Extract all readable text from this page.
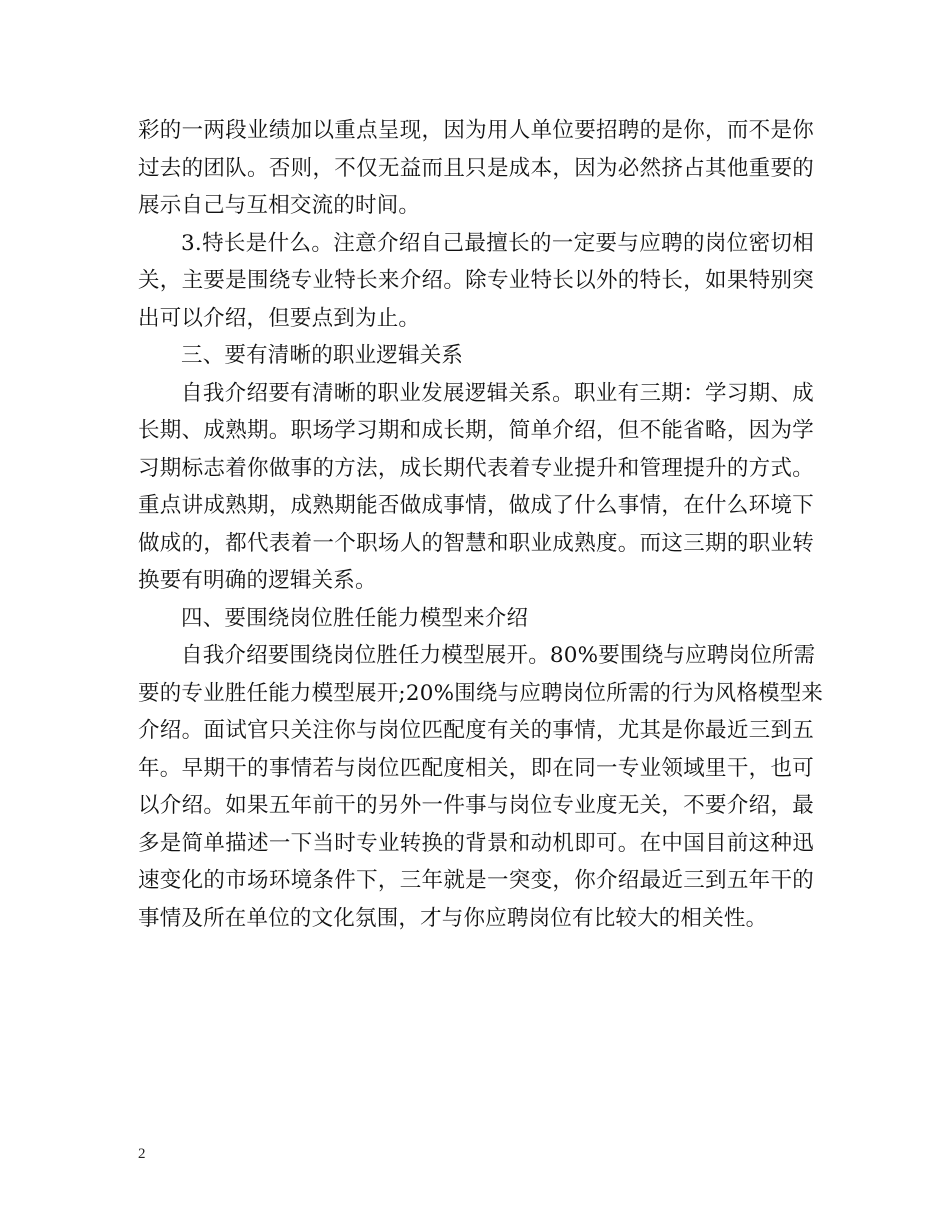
彩的一两段业绩加以重点呈现，因为用人单位要招聘的是你，而不是你
过去的团队。否则，不仅无益而且只是成本，因为必然挤占其他重要的
展示自己与互相交流的时间。
3.特长是什么。注意介绍自己最擅长的一定要与应聘的岗位密切相
关，主要是围绕专业特长来介绍。除专业特长以外的特长，如果特别突
出可以介绍，但要点到为止。
三、要有清晰的职业逻辑关系
自我介绍要有清晰的职业发展逻辑关系。职业有三期：学习期、成
长期、成熟期。职场学习期和成长期，简单介绍，但不能省略，因为学
习期标志着你做事的方法，成长期代表着专业提升和管理提升的方式。
重点讲成熟期，成熟期能否做成事情，做成了什么事情，在什么环境下
做成的，都代表着一个职场人的智慧和职业成熟度。而这三期的职业转
换要有明确的逻辑关系。
四、要围绕岗位胜任能力模型来介绍
自我介绍要围绕岗位胜任力模型展开。80%要围绕与应聘岗位所需
要的专业胜任能力模型展开;20%围绕与应聘岗位所需的行为风格模型来
介绍。面试官只关注你与岗位匹配度有关的事情，尤其是你最近三到五
年。早期干的事情若与岗位匹配度相关，即在同一专业领域里干，也可
以介绍。如果五年前干的另外一件事与岗位专业度无关，不要介绍，最
多是简单描述一下当时专业转换的背景和动机即可。在中国目前这种迅
速变化的市场环境条件下，三年就是一突变，你介绍最近三到五年干的
事情及所在单位的文化氛围，才与你应聘岗位有比较大的相关性。
2
